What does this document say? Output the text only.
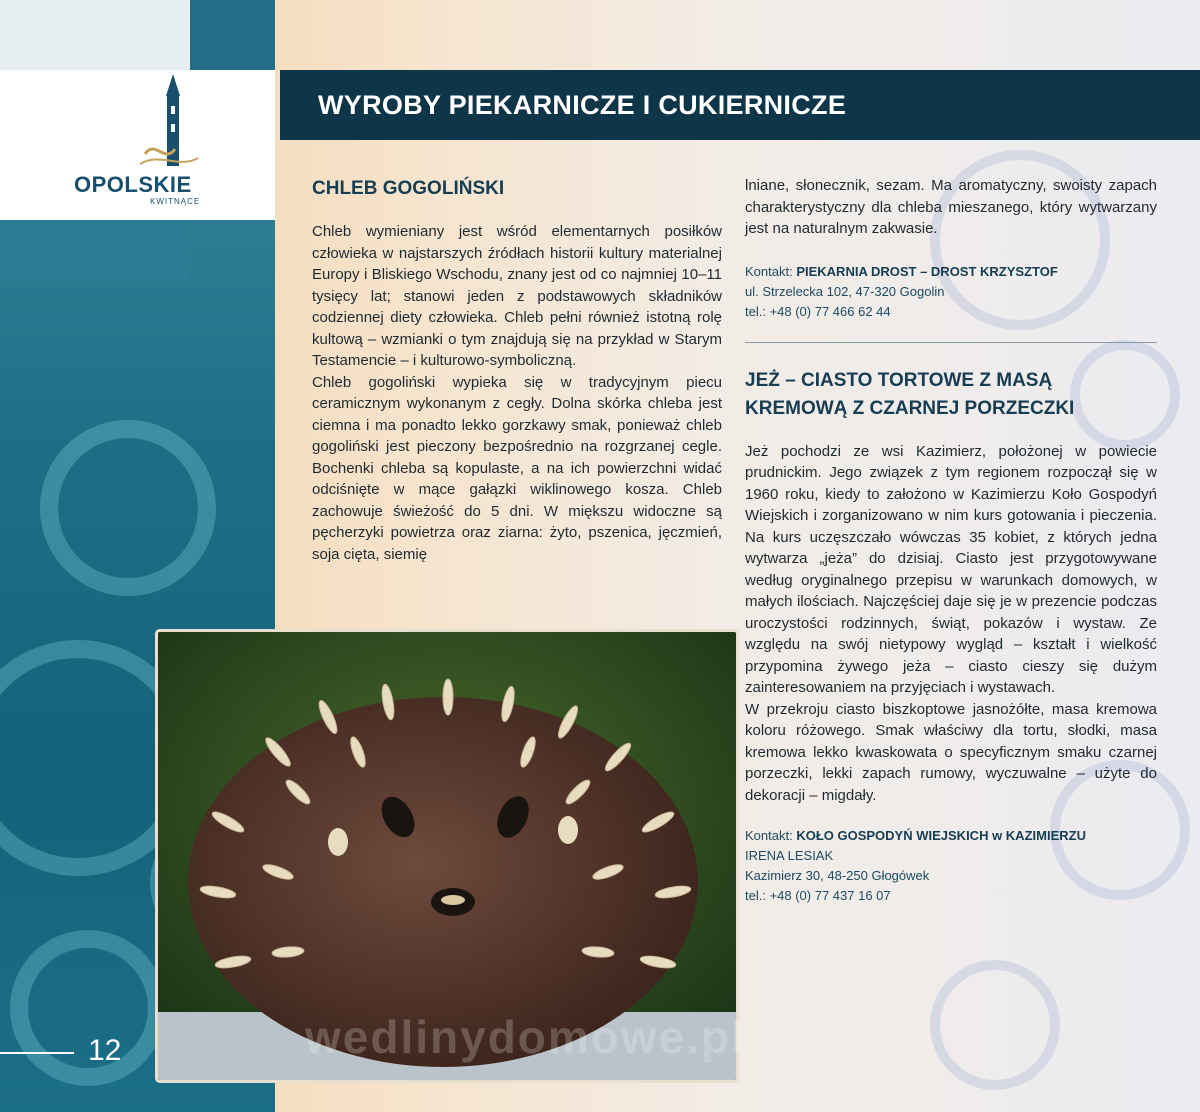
OPOLSKIE
KWITNĄCE
WYROBY PIEKARNICZE I CUKIERNICZE
CHLEB GOGOLIŃSKI

Chleb wymieniany jest wśród elementarnych posiłków człowieka w najstarszych źródłach historii kultury materialnej Europy i Bliskiego Wschodu, znany jest od co najmniej 10–11 tysięcy lat; stanowi jeden z podstawowych składników codziennej diety człowieka. Chleb pełni również istotną rolę kultową – wzmianki o tym znajdują się na przykład w Starym Testamencie – i kulturowo-symboliczną.

Chleb gogoliński wypieka się w tradycyjnym piecu ceramicznym wykonanym z cegły. Dolna skórka chleba jest ciemna i ma ponadto lekko gorzkawy smak, ponieważ chleb gogoliński jest pieczony bezpośrednio na rozgrzanej cegle. Bochenki chleba są kopulaste, a na ich powierzchni widać odciśnięte w mące gałązki wiklinowego kosza. Chleb zachowuje świeżość do 5 dni. W miększu widoczne są pęcherzyki powietrza oraz ziarna: żyto, pszenica, jęczmień, soja cięta, siemię

lniane, słonecznik, sezam. Ma aromatyczny, swoisty zapach charakterystyczny dla chleba mieszanego, który wytwarzany jest na naturalnym zakwasie.

Kontakt: PIEKARNIA DROST – DROST KRZYSZTOF

ul. Strzelecka 102, 47-320 Gogolin

tel.: +48 (0) 77 466 62 44

JEŻ – CIASTO TORTOWE Z MASĄ KREMOWĄ Z CZARNEJ PORZECZKI

Jeż pochodzi ze wsi Kazimierz, położonej w powiecie prudnickim. Jego związek z tym regionem rozpoczął się w 1960 roku, kiedy to założono w Kazimierzu Koło Gospodyń Wiejskich i zorganizowano w nim kurs gotowania i pieczenia. Na kurs uczęszczało wówczas 35 kobiet, z których jedna wytwarza „jeża” do dzisiaj. Ciasto jest przygotowywane według oryginalnego przepisu w warunkach domowych, w małych ilościach. Najczęściej daje się je w prezencie podczas uroczystości rodzinnych, świąt, pokazów i wystaw. Ze względu na swój nietypowy wygląd – kształt i wielkość przypomina żywego jeża – ciasto cieszy się dużym zainteresowaniem na przyjęciach i wystawach.

W przekroju ciasto biszkoptowe jasnożółte, masa kremowa koloru różowego. Smak właściwy dla tortu, słodki, masa kremowa lekko kwaskowata o specyficznym smaku czarnej porzeczki, lekki zapach rumowy, wyczuwalne – użyte do dekoracji – migdały.

Kontakt: KOŁO GOSPODYŃ WIEJSKICH w KAZIMIERZU

IRENA LESIAK

Kazimierz 30, 48-250 Głogówek

tel.: +48 (0) 77 437 16 07

wedlinydomowe.pl
12
